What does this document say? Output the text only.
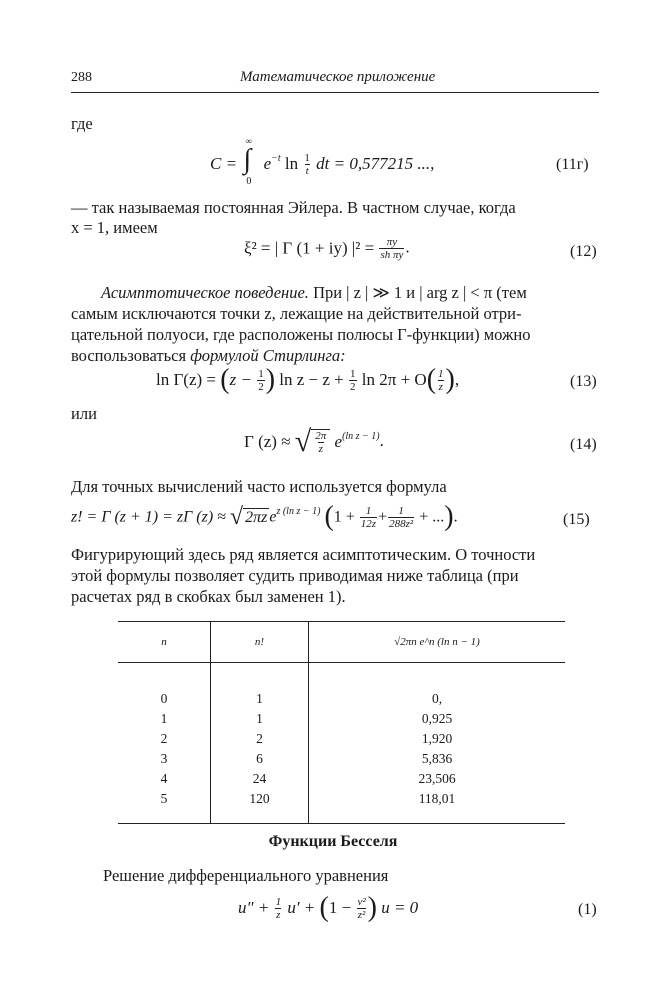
288	Математическое приложение
где
C =
∞
∫
0
$e^{-t}$ $\ln \frac{1}{t}$ dt = 0,577215 ...,	(11г)
— так называемая постоянная Эйлера. В частном случае, когда
x = 1, имеем
ξ² = | Γ (1 + iy) $|^2 = \frac{\pi y}{\text{sh πy}}$ .	(12)
Асимптотическое поведение. При | z | ≫ 1 и | arg z | < π (тем
самым исключаются точки z, лежащие на действительной отри-
цательной полуоси, где расположены полюсы Γ-функции) можно
воспользоваться формулой Стирлинга:
$\ln \Gamma(z) = (z - \frac{1}{2}$ ) $\ln z - z + \frac{1}{2}$ $\ln 2\pi + O( \frac{1}{z}$ ),	(13)
или
Γ (z) ≈ √ $\frac{2\pi}{z} e^{(ln z - 1)}$.	(14)
Для точных вычислений часто используется формула
z! = Γ (z + 1) = zΓ (z) ≈ √ 2πz $e^{z (ln z - 1)}$ ($1 + \frac{1}{12z} + \frac{1}{\text{288z²}}$ + ...).	(15)
Фигурирующий здесь ряд является асимптотическим. О точности
этой формулы позволяет судить приводимая ниже таблица (при
расчетах ряд в скобках был заменен 1).
n	n!	√2πn e^n (ln n − 1)

0	1	0,
1	1	0,925
2	2	1,920
3	6	5,836
4	24	23,506
5	120	118,01

Функции Бесселя
Решение дифференциального уравнения
$u'' + \frac{1}{z} u' + (1 - \frac{\text{ν²}}{\text{z²}}$ ) u = 0	(1)
